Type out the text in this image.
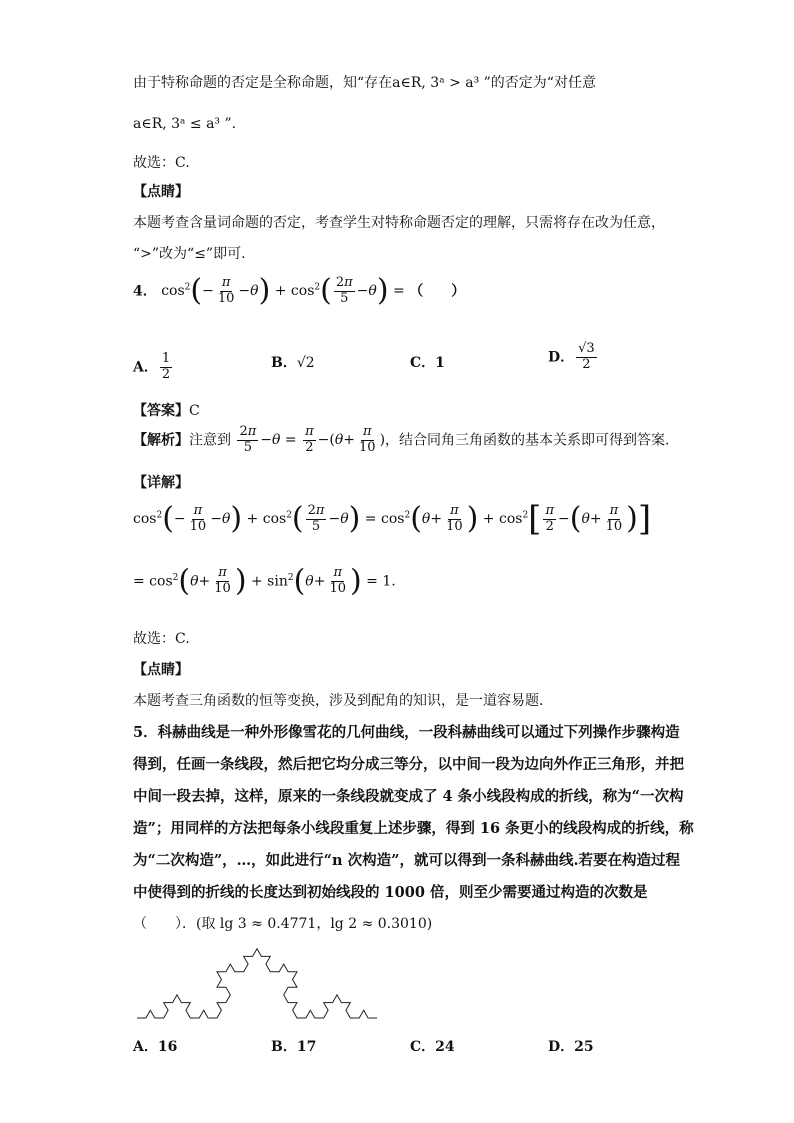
由于特称命题的否定是全称命题，知“存在a∈R, 3ᵃ > a³ ”的否定为“对任意
a∈R, 3ᵃ ≤ a³ ”.
故选：C.
【点睛】
本题考查含量词命题的否定，考查学生对特称命题否定的理解，只需将存在改为任意，
“>”改为“≤”即可.
4． $\cos^2(- \frac{\pi}{10} -\theta) + \cos^2( \frac{2\pi}{5} -\theta)$ = （　　）
A． $\frac{1}{2}$	B．√2	C．1	D． $\frac{√3}{2}$
【答案】C
【解析】注意到 $\frac{2\pi}{5} -\theta = \frac{\pi}{2} -(\theta+ \frac{\pi}{10}$ )，结合同角三角函数的基本关系即可得到答案.
【详解】
$\cos^2(- \frac{\pi}{10} -\theta) + \cos^2( \frac{2\pi}{5} -\theta) = \cos^2(\theta+ \frac{\pi}{10}$ ) + $\cos^2[ \frac{\pi}{2} -(\theta+ \frac{\pi}{10}$ )]
= $\cos^2(\theta+ \frac{\pi}{10}$ ) + $\sin^2(\theta+ \frac{\pi}{10}$ ) = 1.
故选：C.
【点睛】
本题考查三角函数的恒等变换，涉及到配角的知识，是一道容易题.
5．科赫曲线是一种外形像雪花的几何曲线，一段科赫曲线可以通过下列操作步骤构造
得到，任画一条线段，然后把它均分成三等分，以中间一段为边向外作正三角形，并把
中间一段去掉，这样，原来的一条线段就变成了 4 条小线段构成的折线，称为“一次构
造”；用同样的方法把每条小线段重复上述步骤，得到 16 条更小的线段构成的折线，称
为“二次构造”，…，如此进行“n 次构造”，就可以得到一条科赫曲线.若要在构造过程
中使得到的折线的长度达到初始线段的 1000 倍，则至少需要通过构造的次数是
（　　）．(取 lg 3 ≈ 0.4771，lg 2 ≈ 0.3010)
A．16	B．17	C．24	D．25
